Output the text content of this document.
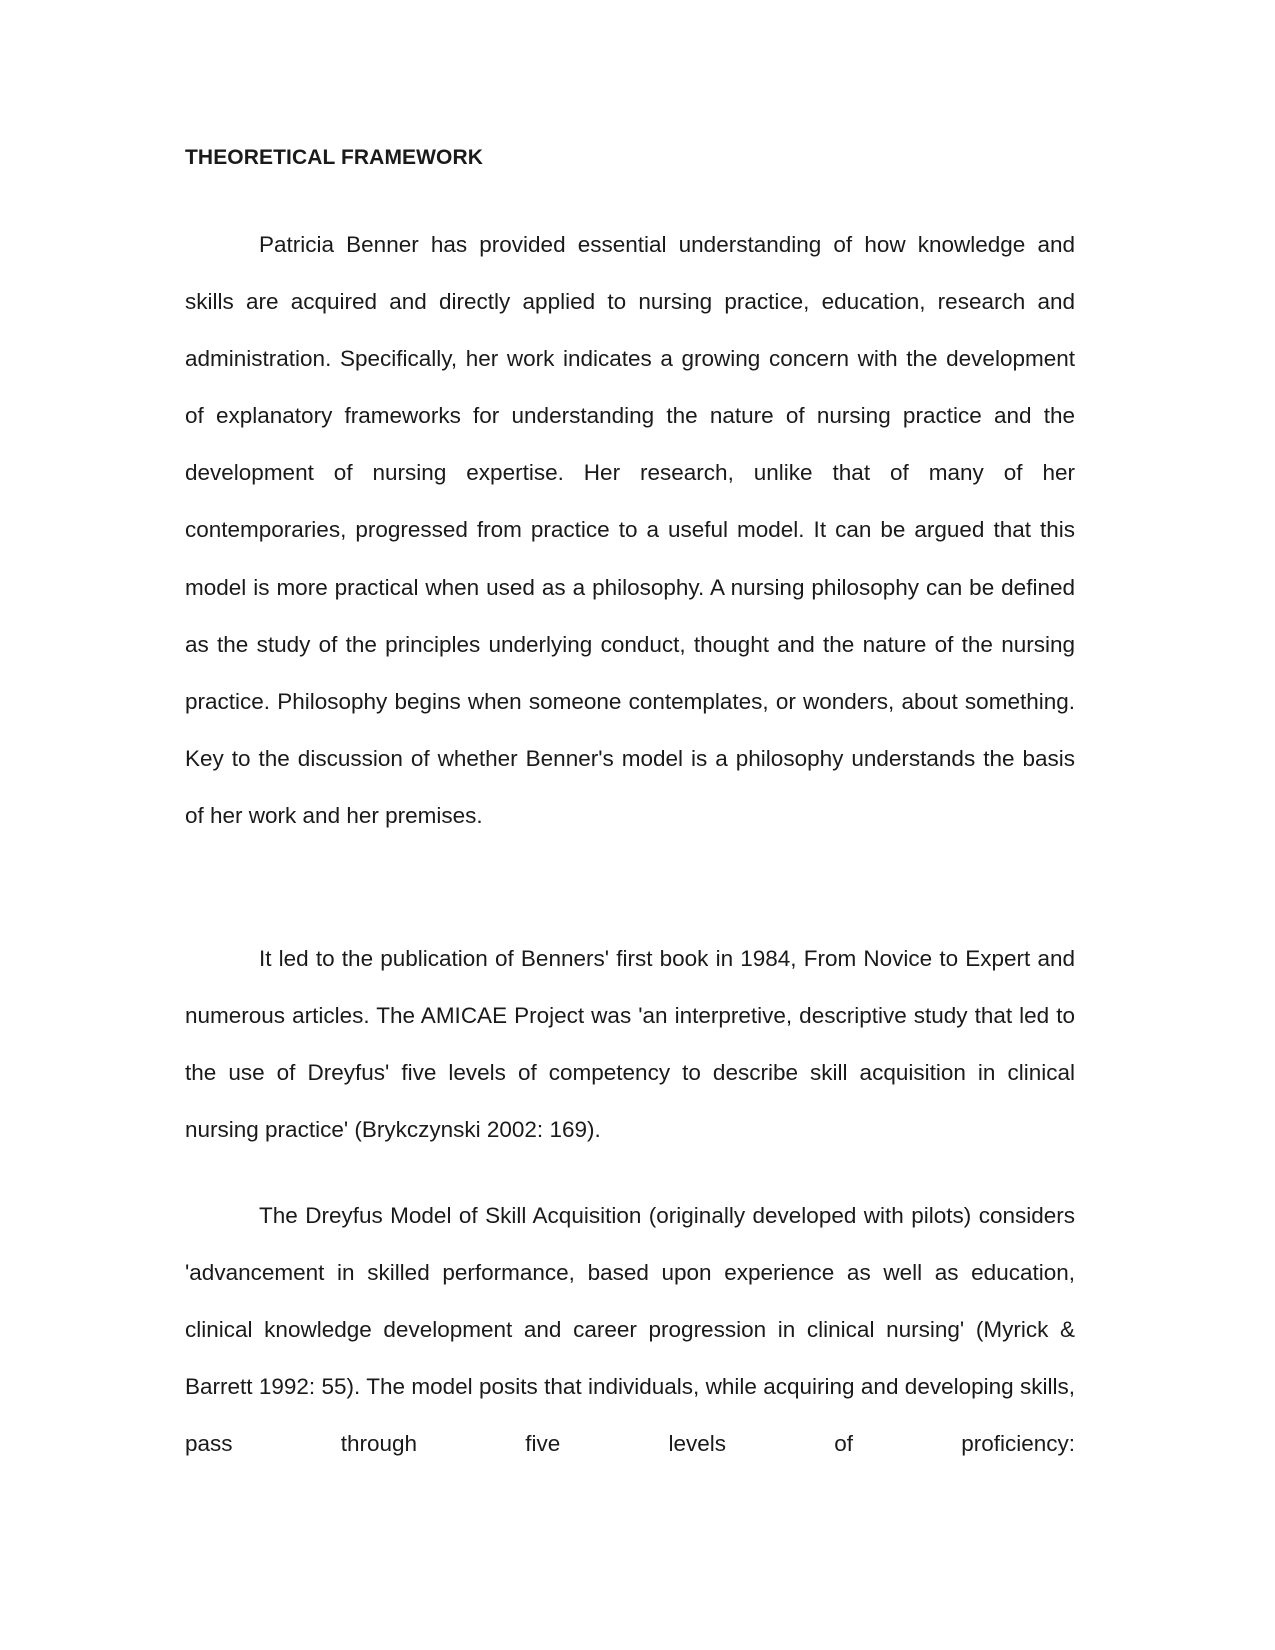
THEORETICAL FRAMEWORK

Patricia Benner has provided essential understanding of how knowledge and skills are acquired and directly applied to nursing practice, education, research and administration. Specifically, her work indicates a growing concern with the development of explanatory frameworks for understanding the nature of nursing practice and the development of nursing expertise. Her research, unlike that of many of her contemporaries, progressed from practice to a useful model. It can be argued that this model is more practical when used as a philosophy. A nursing philosophy can be defined as the study of the principles underlying conduct, thought and the nature of the nursing practice. Philosophy begins when someone contemplates, or wonders, about something. Key to the discussion of whether Benner's model is a philosophy understands the basis of her work and her premises.

It led to the publication of Benners' first book in 1984, From Novice to Expert and numerous articles. The AMICAE Project was 'an interpretive, descriptive study that led to the use of Dreyfus' five levels of competency to describe skill acquisition in clinical nursing practice' (Brykczynski 2002: 169).

The Dreyfus Model of Skill Acquisition (originally developed with pilots) considers 'advancement in skilled performance, based upon experience as well as education, clinical knowledge development and career progression in clinical nursing' (Myrick & Barrett 1992: 55). The model posits that individuals, while acquiring and developing skills, pass through five levels of proficiency:
